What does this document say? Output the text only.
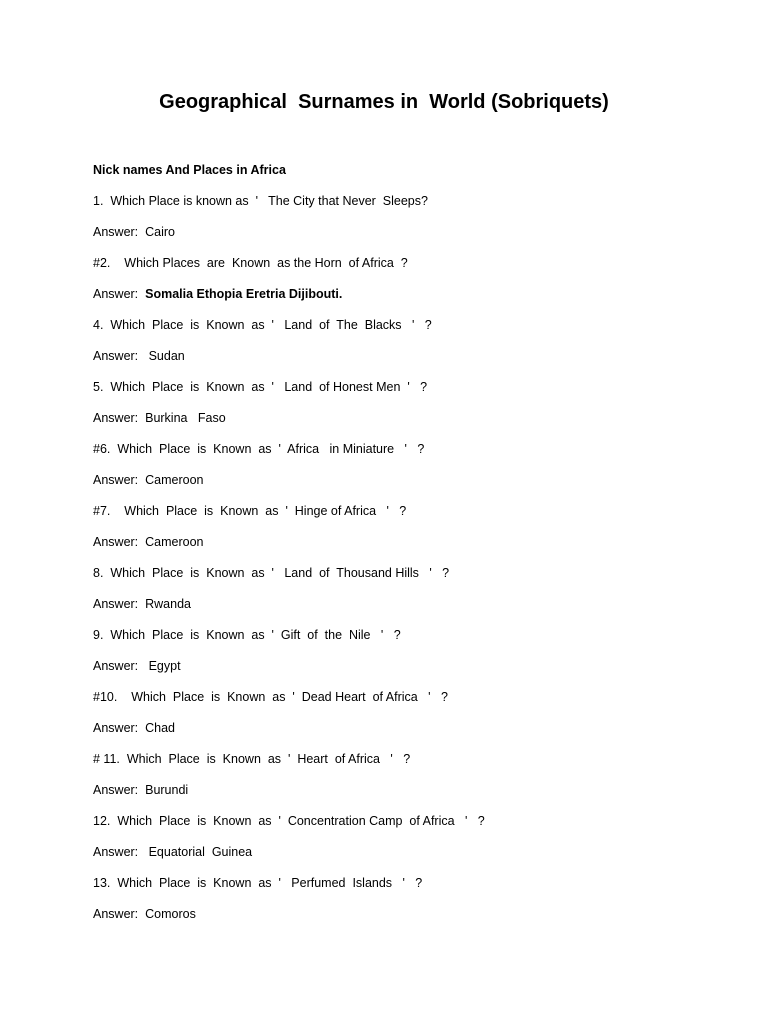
Geographical  Surnames in  World (Sobriquets)
Nick names And Places in Africa
1.  Which Place is known as  '   The City that Never  Sleeps?
Answer: Cairo
#2.    Which Places  are  Known  as the Horn  of Africa  ?
Answer: Somalia Ethopia Eretria Dijibouti.
4.  Which  Place  is  Known  as  '   Land  of  The  Blacks   '   ?
Answer:   Sudan
5.  Which  Place  is  Known  as  '   Land  of Honest Men  '   ?
Answer: Burkina   Faso
#6.  Which  Place  is  Known  as  '  Africa   in Miniature   '   ?
Answer: Cameroon
#7.    Which  Place  is  Known  as  '  Hinge of Africa   '   ?
Answer: Cameroon
8.  Which  Place  is  Known  as  '   Land  of  Thousand Hills   '   ?
Answer: Rwanda
9.  Which  Place  is  Known  as  '  Gift  of  the  Nile   '   ?
Answer:   Egypt
#10.    Which  Place  is  Known  as  '  Dead Heart  of Africa   '   ?
Answer: Chad
# 11.  Which  Place  is  Known  as  '  Heart  of Africa   '   ?
Answer: Burundi
12.  Which  Place  is  Known  as  '  Concentration Camp  of Africa   '   ?
Answer:   Equatorial  Guinea
13.  Which  Place  is  Known  as  '   Perfumed  Islands   '   ?
Answer: Comoros
